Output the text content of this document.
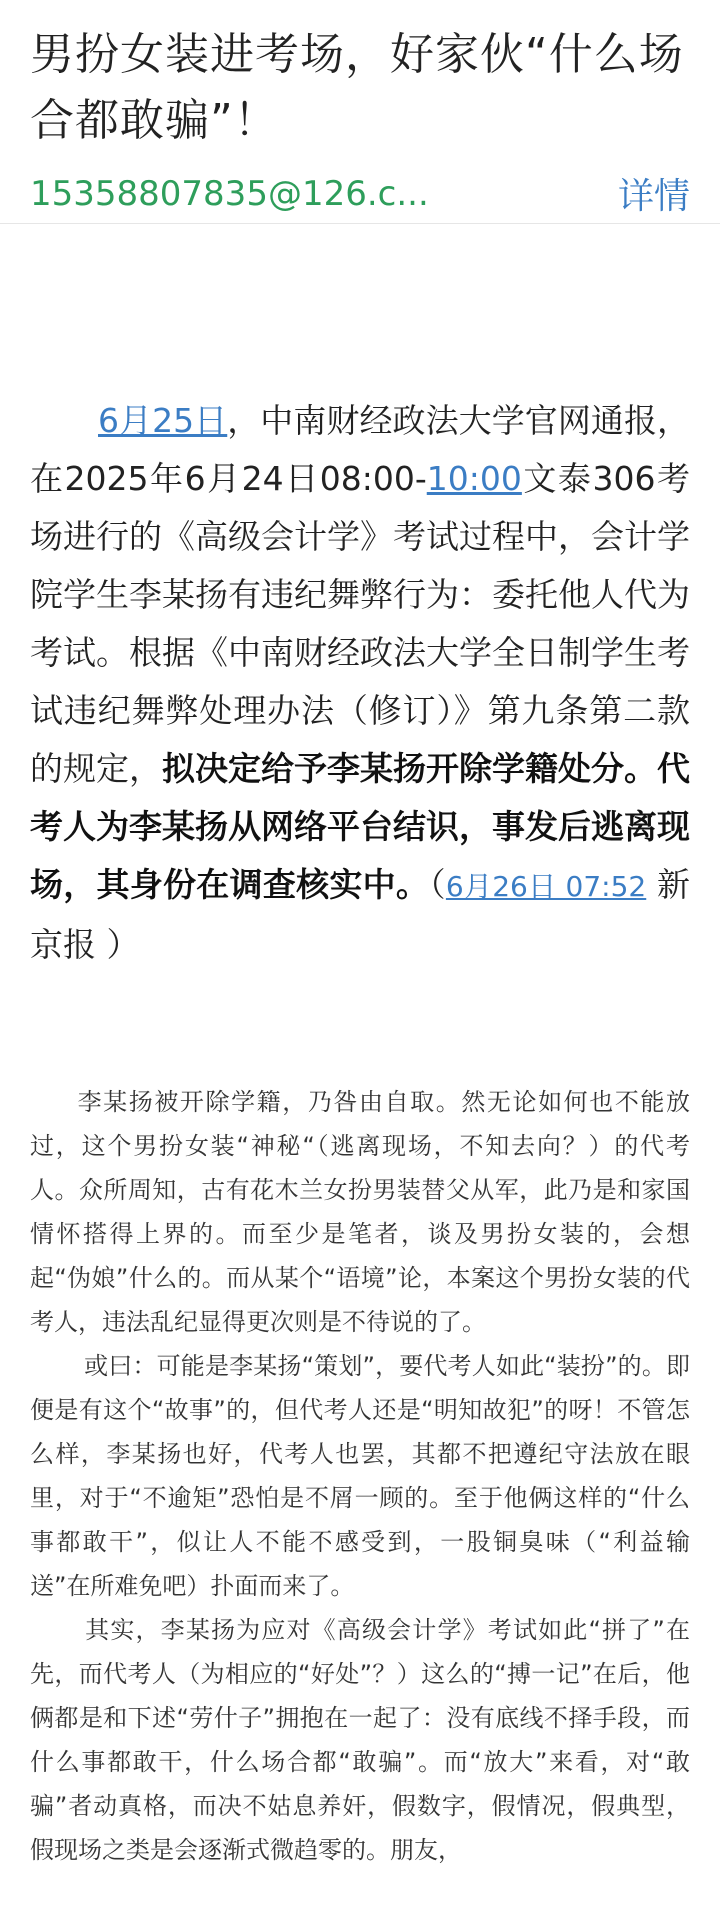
男扮女装进考场，好家伙“什么场合都敢骗”！
15358807835@126.c...	详情

6月25日，中南财经政法大学官网通报，在2025年6月24日08:00-10:00文泰306考场进行的《高级会计学》考试过程中，会计学院学生李某扬有违纪舞弊行为：委托他人代为考试。根据《中南财经政法大学全日制学生考试违纪舞弊处理办法（修订）》第九条第二款的规定，拟决定给予李某扬开除学籍处分。代考人为李某扬从网络平台结识，事发后逃离现场，其身份在调查核实中。（6月26日 07:52 新京报 ）

李某扬被开除学籍，乃咎由自取。然无论如何也不能放过，这个男扮女装“神秘“（逃离现场，不知去向？）的代考人。众所周知，古有花木兰女扮男装替父从军，此乃是和家国情怀搭得上界的。而至少是笔者，谈及男扮女装的，会想起“伪娘”什么的。而从某个“语境”论，本案这个男扮女装的代考人，违法乱纪显得更次则是不待说的了。

或曰：可能是李某扬“策划”，要代考人如此“装扮”的。即便是有这个“故事”的，但代考人还是“明知故犯”的呀！不管怎么样，李某扬也好，代考人也罢，其都不把遵纪守法放在眼里，对于“不逾矩”恐怕是不屑一顾的。至于他俩这样的“什么事都敢干”，似让人不能不感受到，一股铜臭味（“利益输送”在所难免吧）扑面而来了。

其实，李某扬为应对《高级会计学》考试如此“拼了”在先，而代考人（为相应的“好处”？）这么的“搏一记”在后，他俩都是和下述“劳什子”拥抱在一起了：没有底线不择手段，而什么事都敢干，什么场合都“敢骗”。而“放大”来看，对“敢骗”者动真格，而决不姑息养奸，假数字，假情况，假典型，假现场之类是会逐渐式微趋零的。朋友，
